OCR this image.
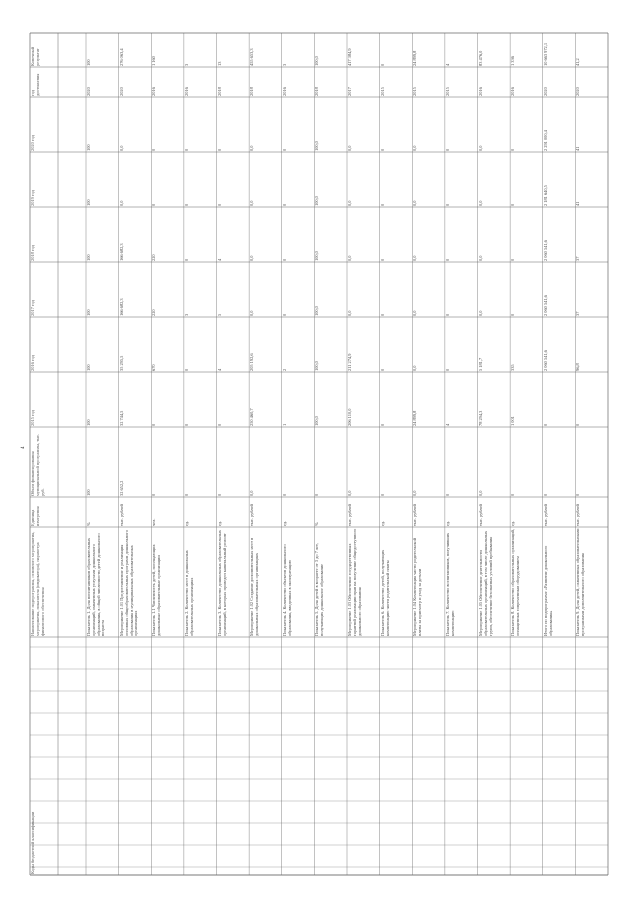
4
Конечный результат
год достижения
2020 год
2019 год
2018 год
2017 год
2016 год
2015 год
Объем финансирования муниципальной программы, тыс. руб.
Единица измерения
Наименование подпрограммы, основного мероприятия, мероприятия, показателя (индикатора), параметра финансового обеспечения
Коды бюджетной классификации
100
2020
100
100
100
100
100
100
100
%
Показатель 1. Доля воспитанников образовательных организаций, охваченных услугами дошкольного образования, в общей численности детей дошкольного возраста
276 063,4
2020
0,0
0,0
166 682,3
166 682,3
35 295,5
32 744,5
32 652,2
тыс. рублей
Мероприятие 1.01 Предоставление и реализация основных общеобразовательных программ дошкольного образования в муниципальных образовательных организациях
1 160
2016
0
0
220
220
670
0
0
чел.
Показатель 1.1 Численность детей, посещающих дошкольные образовательные организации
3
2016
0
0
0
3
0
0
0
ед.
Показатель 2. Количество мест в дошкольных образовательных организациях
13
2018
0
0
4
5
4
0
0
ед.
Показатель 3. Количество дошкольных образовательных организаций, в которых проведен капитальный ремонт
455 653,3
2018
0,0
0,0
0,0
0,0
205 192,6
250 460,7
0,0
тыс. рублей
Мероприятие 1.02 Создание дополнительных мест в дошкольных образовательных организациях
3
2016
0
0
0
0
2
1
0
ед.
Показатель 4. Количество объектов дошкольного образования, введенных в эксплуатацию
100,0
2018
100,0
100,0
100,0
100,0
100,0
100,0
0
%
Показатель 5. Доля детей в возрасте от 3 до 7 лет, получающих дошкольное образование
417 384,9
2017
0,0
0,0
0,0
0,0
211 274,9
206 110,0
0,0
тыс. рублей
Мероприятие 1.03 Обеспечение государственных гарантий реализации прав на получение общедоступного дошкольного образования
0
2015
0
0
0
0
0
0
0
ед.
Показатель 6. Количество детей, получающих компенсацию части родительской платы
24 899,8
2015
0,0
0,0
0,0
0,0
0,0
24 899,8
0,0
тыс. рублей
Мероприятие 1.04 Компенсация части родительской платы за присмотр и уход за детьми
4
2015
0
0
0
0
0
4
0
ед.
Показатель 7. Количество воспитанников, получивших компенсацию
83 476,0
2016
0,0
0,0
0,0
0,0
5 181,7
78 294,3
0,0
тыс. рублей
Мероприятие 1.05 Обеспечение деятельности образовательных организаций, в том числе дошкольных групп, обеспечение безопасных условий пребывания
1 336
2016
0
0
0
0
335
1 001
0
ед.
Показатель 8. Количество образовательных организаций, оснащенных современным оборудованием
10 663 972,1
2020
2 291 000,4
2 181 640,5
2 060 541,6
2 060 541,6
2 060 541,6
0
0
тыс. рублей
Итого по подпрограмме «Развитие дошкольного образования»
41,2
2020
41
41
37
37
96,8
0
0
тыс. рублей
Показатель 9. Доля детей, охваченных образовательными программами дополнительного образования
